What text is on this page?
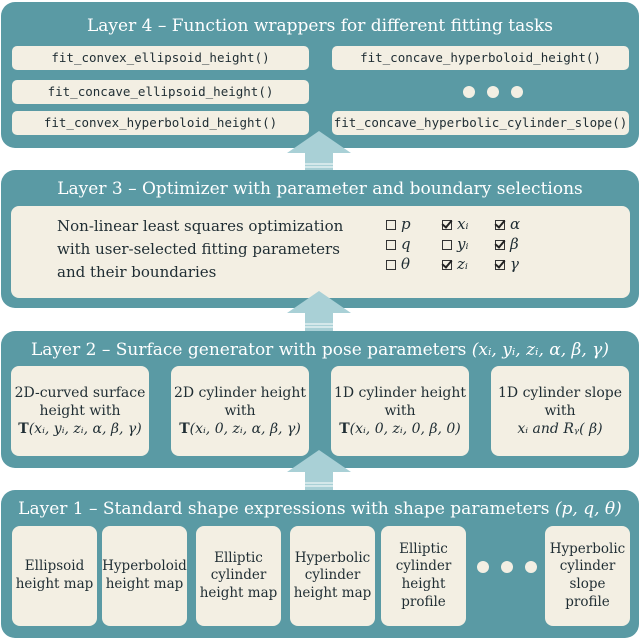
Layer 4 – Function wrappers for different fitting tasks
fit_convex_ellipsoid_height()
fit_concave_ellipsoid_height()
fit_convex_hyperboloid_height()
fit_concave_hyperboloid_height()
fit_concave_hyperbolic_cylinder_slope()
Layer 3 – Optimizer with parameter and boundary selections
Non-linear least squares optimization
with user-selected fitting parameters
and their boundaries
p
q
θ
xᵢ
yᵢ
zᵢ
α
β
γ
Layer 2 – Surface generator with pose parameters (xᵢ, yᵢ, zᵢ, α, β, γ)
2D-curved surface
height with
T(xᵢ, yᵢ, zᵢ, α, β, γ)
2D cylinder height
with
T(xᵢ, 0, zᵢ, α, β, γ)
1D cylinder height
with
T(xᵢ, 0, zᵢ, 0, β, 0)
1D cylinder slope
with
xᵢ and Rᵧ( β)
Layer 1 – Standard shape expressions with shape parameters (p, q, θ)
Ellipsoid
height map
Hyperboloid
height map
Elliptic
cylinder
height map
Hyperbolic
cylinder
height map
Elliptic
cylinder
height
profile
Hyperbolic
cylinder
slope
profile
